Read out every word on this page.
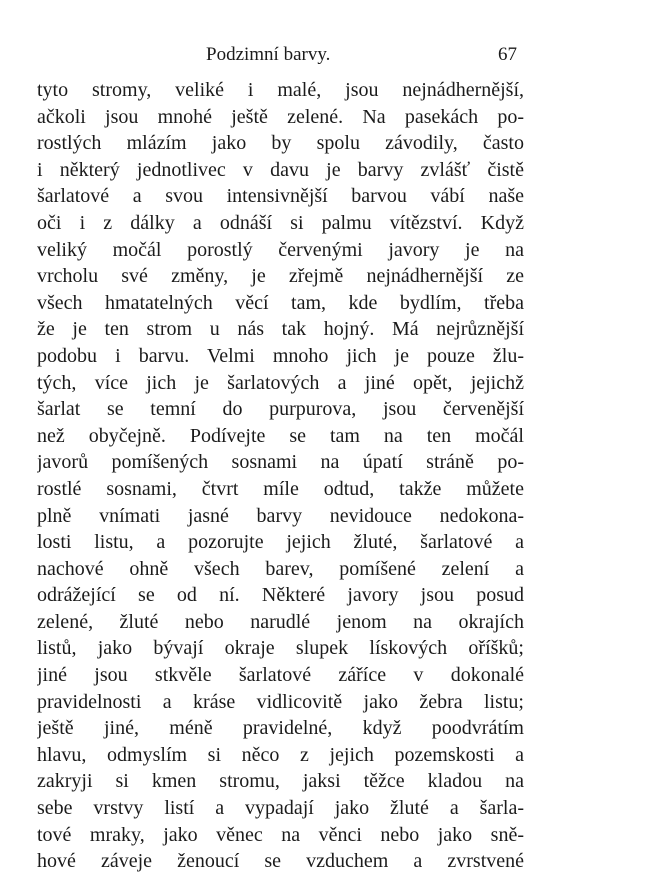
Podzimní barvy.	67
tyto stromy, veliké i malé, jsou nejnádhernější,
ačkoli jsou mnohé ještě zelené. Na pasekách po-
rostlých mlázím jako by spolu závodily, často
i některý jednotlivec v davu je barvy zvlášť čistě
šarlatové a svou intensivnější barvou vábí naše
oči i z dálky a odnáší si palmu vítězství. Když
veliký močál porostlý červenými javory je na
vrcholu své změny, je zřejmě nejnádhernější ze
všech hmatatelných věcí tam, kde bydlím, třeba
že je ten strom u nás tak hojný. Má nejrůznější
podobu i barvu. Velmi mnoho jich je pouze žlu-
tých, více jich je šarlatových a jiné opět, jejichž
šarlat se temní do purpurova, jsou červenější
než obyčejně. Podívejte se tam na ten močál
javorů pomíšených sosnami na úpatí stráně po-
rostlé sosnami, čtvrt míle odtud, takže můžete
plně vnímati jasné barvy nevidouce nedokona-
losti listu, a pozorujte jejich žluté, šarlatové a
nachové ohně všech barev, pomíšené zelení a
odrážející se od ní. Některé javory jsou posud
zelené, žluté nebo narudlé jenom na okrajích
listů, jako bývají okraje slupek lískových oříšků;
jiné jsou stkvěle šarlatové záříce v dokonalé
pravidelnosti a kráse vidlicovitě jako žebra listu;
ještě jiné, méně pravidelné, když poodvrátím
hlavu, odmyslím si něco z jejich pozemskosti a
zakryji si kmen stromu, jaksi těžce kladou na
sebe vrstvy listí a vypadají jako žluté a šarla-
tové mraky, jako věnec na věnci nebo jako sně-
hové záveje ženoucí se vzduchem a zvrstvené
